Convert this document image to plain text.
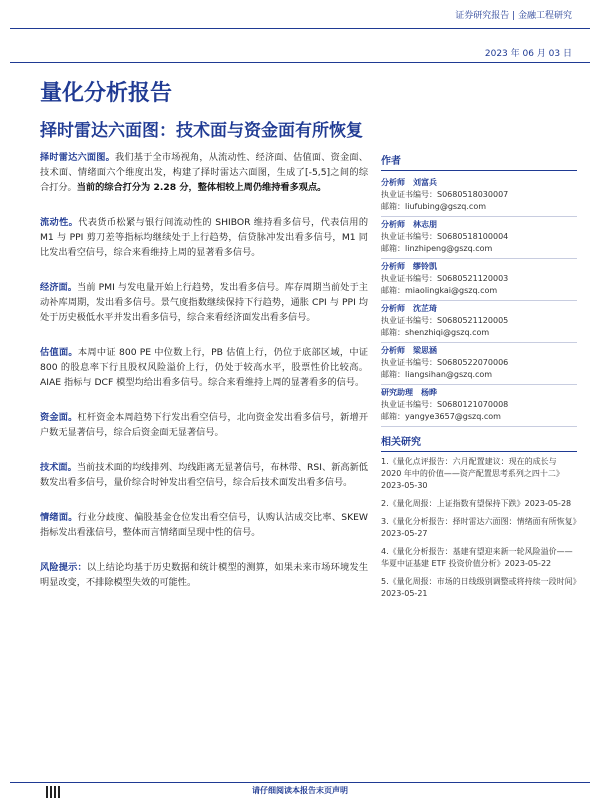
证券研究报告 | 金融工程研究
2023 年 06 月 03 日
量化分析报告
择时雷达六面图：技术面与资金面有所恢复

择时雷达六面图。我们基于全市场视角，从流动性、经济面、估值面、资金面、技术面、情绪面六个维度出发，构建了择时雷达六面图，生成了[-5,5]之间的综合打分。当前的综合打分为 2.28 分，整体相较上周仍维持看多观点。

流动性。代表货币松紧与银行间流动性的 SHIBOR 维持看多信号，代表信用的 M1 与 PPI 剪刀差等指标均继续处于上行趋势，信贷脉冲发出看多信号，M1 同比发出看空信号，综合来看维持上周的显著看多信号。

经济面。当前 PMI 与发电量开始上行趋势，发出看多信号。库存周期当前处于主动补库周期，发出看多信号。景气度指数继续保持下行趋势，通胀 CPI 与 PPI 均处于历史极低水平并发出看多信号，综合来看经济面发出看多信号。

估值面。本周中证 800 PE 中位数上行，PB 估值上行，仍位于底部区域，中证 800 的股息率下行且股权风险溢价上行，仍处于较高水平，股票性价比较高。AIAE 指标与 DCF 模型均给出看多信号。综合来看维持上周的显著看多的信号。

资金面。杠杆资金本周趋势下行发出看空信号，北向资金发出看多信号，新增开户数无显著信号，综合后资金面无显著信号。

技术面。当前技术面的均线排列、均线距离无显著信号，布林带、RSI、新高新低数发出看多信号，量价综合时钟发出看空信号，综合后技术面发出看多信号。

情绪面。行业分歧度、偏股基金仓位发出看空信号，认购认沽成交比率、SKEW 指标发出看涨信号，整体而言情绪面呈现中性的信号。

风险提示：以上结论均基于历史数据和统计模型的测算，如果未来市场环境发生明显改变，不排除模型失效的可能性。

作者
分析师 刘富兵
执业证书编号：S0680518030007
邮箱：liufubing@gszq.com
分析师 林志朋
执业证书编号：S0680518100004
邮箱：linzhipeng@gszq.com
分析师 缪铃凯
执业证书编号：S0680521120003
邮箱：miaolingkai@gszq.com
分析师 沈芷琦
执业证书编号：S0680521120005
邮箱：shenzhiqi@gszq.com
分析师 梁思涵
执业证书编号：S0680522070006
邮箱：liangsihan@gszq.com
研究助理 杨晔
执业证书编号：S0680121070008
邮箱：yangye3657@gszq.com
相关研究
1.《量化点评报告：六月配置建议：现在的成长与 2020 年中的价值——资产配置思考系列之四十二》2023-05-30
2.《量化周报：上证指数有望保持下跌》2023-05-28
3.《量化分析报告：择时雷达六面图：情绪面有所恢复》2023-05-27
4.《量化分析报告：基建有望迎来新一轮风险溢价——华夏中证基建 ETF 投资价值分析》2023-05-22
5.《量化周报：市场的日线级别调整或将持续一段时间》2023-05-21
请仔细阅读本报告末页声明
